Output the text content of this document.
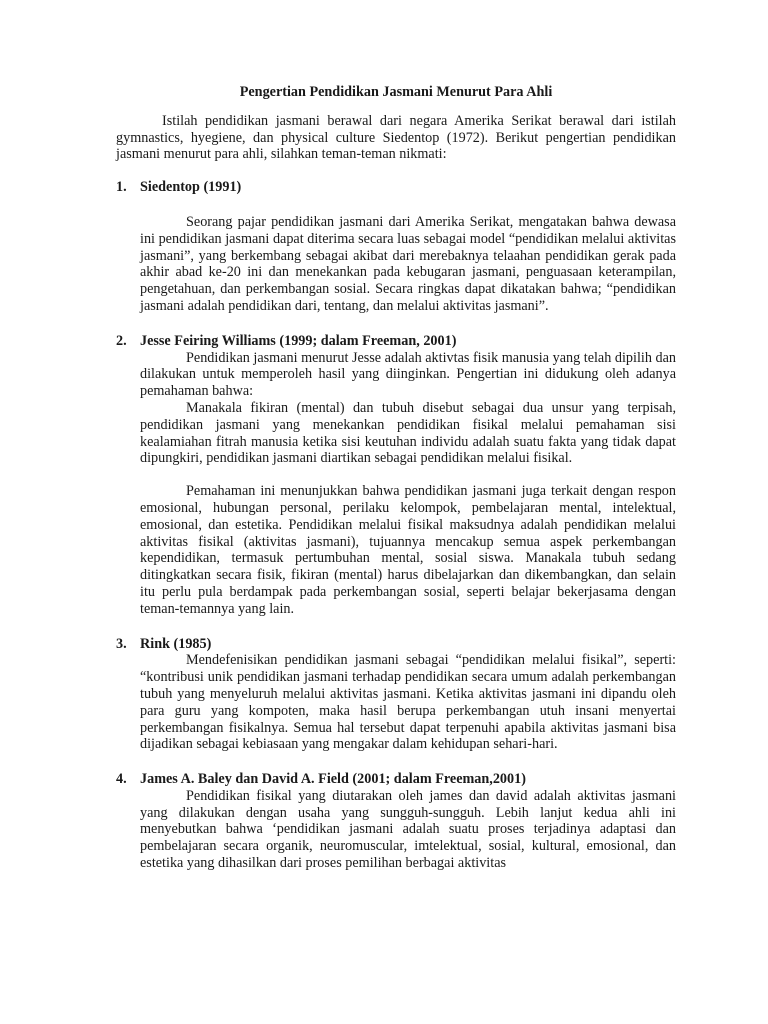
Pengertian Pendidikan Jasmani Menurut Para Ahli

Istilah pendidikan jasmani berawal dari negara Amerika Serikat berawal dari istilah gymnastics, hyegiene, dan physical culture Siedentop (1972). Berikut pengertian pendidikan jasmani menurut para ahli, silahkan teman-teman nikmati:

1. Siedentop (1991)

Seorang pajar pendidikan jasmani dari Amerika Serikat, mengatakan bahwa dewasa ini pendidikan jasmani dapat diterima secara luas sebagai model “pendidikan melalui aktivitas jasmani”, yang berkembang sebagai akibat dari merebaknya telaahan pendidikan gerak pada akhir abad ke-20 ini dan menekankan pada kebugaran jasmani, penguasaan keterampilan, pengetahuan, dan perkembangan sosial. Secara ringkas dapat dikatakan bahwa; “pendidikan jasmani adalah pendidikan dari, tentang, dan melalui aktivitas jasmani”.

2. Jesse Feiring Williams (1999; dalam Freeman, 2001)

Pendidikan jasmani menurut Jesse adalah aktivtas fisik manusia yang telah dipilih dan dilakukan untuk memperoleh hasil yang diinginkan. Pengertian ini didukung oleh adanya pemahaman bahwa:

Manakala fikiran (mental) dan tubuh disebut sebagai dua unsur yang terpisah, pendidikan jasmani yang menekankan pendidikan fisikal melalui pemahaman sisi kealamiahan fitrah manusia ketika sisi keutuhan individu adalah suatu fakta yang tidak dapat dipungkiri, pendidikan jasmani diartikan sebagai pendidikan melalui fisikal.

Pemahaman ini menunjukkan bahwa pendidikan jasmani juga terkait dengan respon emosional, hubungan personal, perilaku kelompok, pembelajaran mental, intelektual, emosional, dan estetika. Pendidikan melalui fisikal maksudnya adalah pendidikan melalui aktivitas fisikal (aktivitas jasmani), tujuannya mencakup semua aspek perkembangan kependidikan, termasuk pertumbuhan mental, sosial siswa. Manakala tubuh sedang ditingkatkan secara fisik, fikiran (mental) harus dibelajarkan dan dikembangkan, dan selain itu perlu pula berdampak pada perkembangan sosial, seperti belajar bekerjasama dengan teman-temannya yang lain.

3. Rink (1985)

Mendefenisikan pendidikan jasmani sebagai “pendidikan melalui fisikal”, seperti: “kontribusi unik pendidikan jasmani terhadap pendidikan secara umum adalah perkembangan tubuh yang menyeluruh melalui aktivitas jasmani. Ketika aktivitas jasmani ini dipandu oleh para guru yang kompoten, maka hasil berupa perkembangan utuh insani menyertai perkembangan fisikalnya. Semua hal tersebut dapat terpenuhi apabila aktivitas jasmani bisa dijadikan sebagai kebiasaan yang mengakar dalam kehidupan sehari-hari.

4. James A. Baley dan David A. Field (2001; dalam Freeman,2001)

Pendidikan fisikal yang diutarakan oleh james dan david adalah aktivitas jasmani yang dilakukan dengan usaha yang sungguh-sungguh. Lebih lanjut kedua ahli ini menyebutkan bahwa ‘pendidikan jasmani adalah suatu proses terjadinya adaptasi dan pembelajaran secara organik, neuromuscular, imtelektual, sosial, kultural, emosional, dan estetika yang dihasilkan dari proses pemilihan berbagai aktivitas
